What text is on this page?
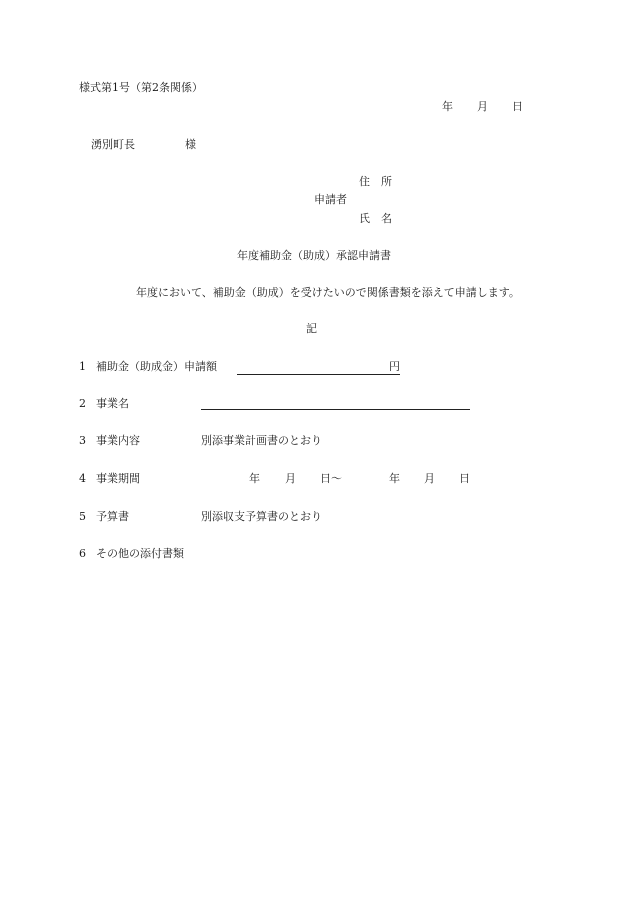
様式第1号（第2条関係）
年 月 日
湧別町長	様
住　所
申請者
氏　名
年度補助金（助成）承認申請書
年度において、補助金（助成）を受けたいので関係書類を添えて申請します。
記
1 補助金（助成金）申請額	円
2 事業名
3 事業内容	別添事業計画書のとおり
4 事業期間	年 月 日〜	年 月 日
5 予算書	別添収支予算書のとおり
6 その他の添付書類
